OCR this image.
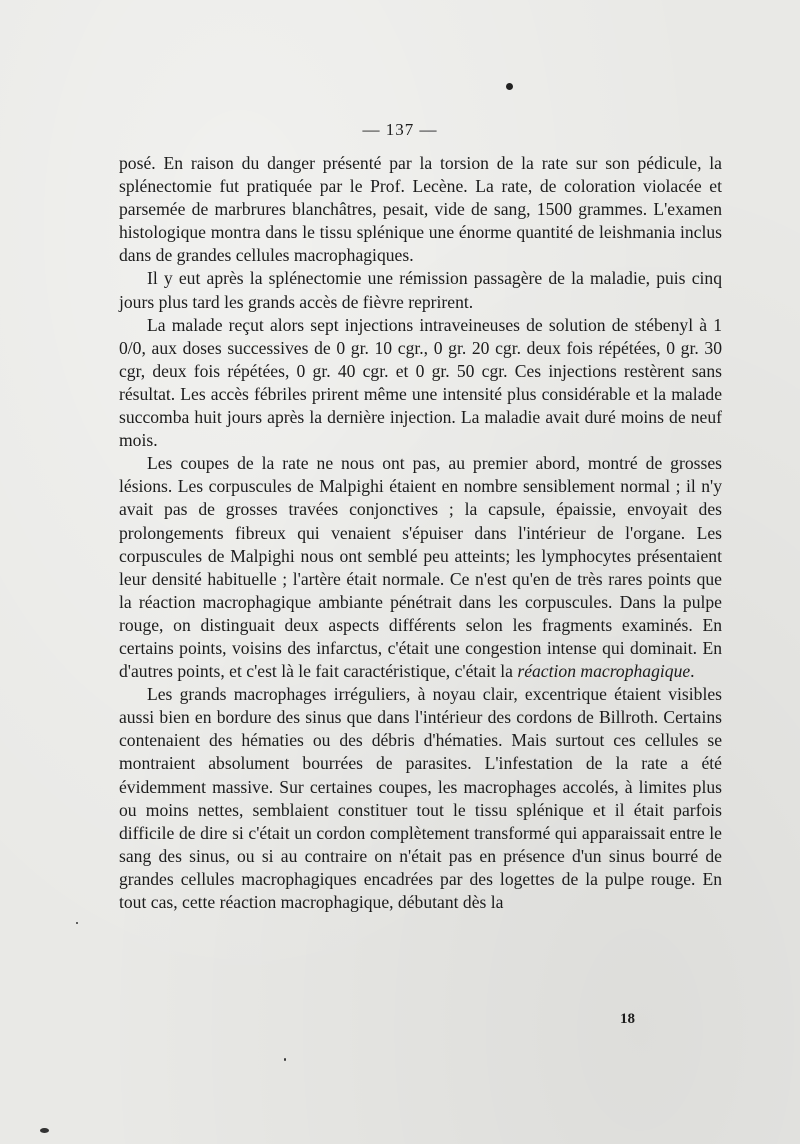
— 137 —

posé. En raison du danger présenté par la torsion de la rate sur son pédicule, la splénectomie fut pratiquée par le Prof. Lecène. La rate, de coloration violacée et parsemée de marbrures blanchâtres, pesait, vide de sang, 1500 grammes. L'examen histologique montra dans le tissu splénique une énorme quantité de leishmania inclus dans de grandes cellules macrophagiques.

Il y eut après la splénectomie une rémission passagère de la maladie, puis cinq jours plus tard les grands accès de fièvre reprirent.

La malade reçut alors sept injections intraveineuses de solution de stébenyl à 1 0/0, aux doses successives de 0 gr. 10 cgr., 0 gr. 20 cgr. deux fois répétées, 0 gr. 30 cgr, deux fois répétées, 0 gr. 40 cgr. et 0 gr. 50 cgr. Ces injections restèrent sans résultat. Les accès fébriles prirent même une intensité plus considérable et la malade succomba huit jours après la dernière injection. La maladie avait duré moins de neuf mois.

Les coupes de la rate ne nous ont pas, au premier abord, montré de grosses lésions. Les corpuscules de Malpighi étaient en nombre sensiblement normal ; il n'y avait pas de grosses travées conjonctives ; la capsule, épaissie, envoyait des prolongements fibreux qui venaient s'épuiser dans l'intérieur de l'organe. Les corpuscules de Malpighi nous ont semblé peu atteints; les lymphocytes présentaient leur densité habituelle ; l'artère était normale. Ce n'est qu'en de très rares points que la réaction macrophagique ambiante pénétrait dans les corpuscules. Dans la pulpe rouge, on distinguait deux aspects différents selon les fragments examinés. En certains points, voisins des infarctus, c'était une congestion intense qui dominait. En d'autres points, et c'est là le fait caractéristique, c'était la réaction macrophagique.

Les grands macrophages irréguliers, à noyau clair, excentrique étaient visibles aussi bien en bordure des sinus que dans l'intérieur des cordons de Billroth. Certains contenaient des hématies ou des débris d'hématies. Mais surtout ces cellules se montraient absolument bourrées de parasites. L'infestation de la rate a été évidemment massive. Sur certaines coupes, les macrophages accolés, à limites plus ou moins nettes, semblaient constituer tout le tissu splénique et il était parfois difficile de dire si c'était un cordon complètement transformé qui apparaissait entre le sang des sinus, ou si au contraire on n'était pas en présence d'un sinus bourré de grandes cellules macrophagiques encadrées par des logettes de la pulpe rouge. En tout cas, cette réaction macrophagique, débutant dès la

18
